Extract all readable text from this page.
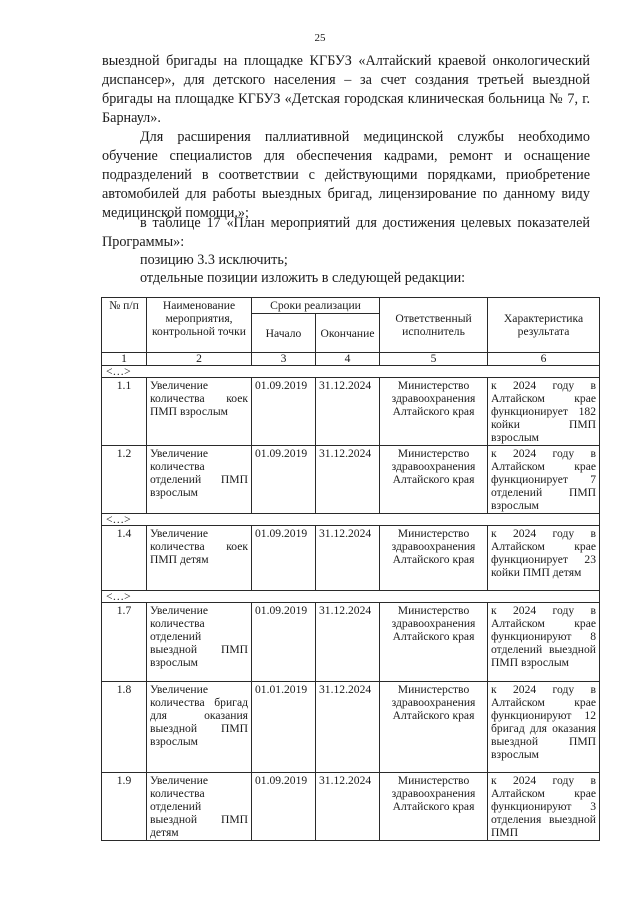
25
выездной бригады на площадке КГБУЗ «Алтайский краевой онкологический диспансер», для детского населения – за счет создания третьей выездной бригады на площадке КГБУЗ «Детская городская клиническая больница № 7, г. Барнаул».
Для расширения паллиативной медицинской службы необходимо обучение специалистов для обеспечения кадрами, ремонт и оснащение подразделений в соответствии с действующими порядками, приобретение автомобилей для работы выездных бригад, лицензирование по данному виду медицинской помощи.»;
в таблице 17 «План мероприятий для достижения целевых показателей Программы»:
позицию 3.3 исключить;
отдельные позиции изложить в следующей редакции:
№ п/п	Наименование мероприятия, контрольной точки	Сроки реализации		Ответственный исполнитель	Характеристика результата
		Начало	Окончание		
1	2	3	4	5	6
<…>					
1.1	Увеличение количества коек ПМП взрослым	01.09.2019	31.12.2024	Министерство здравоохранения Алтайского края	к 2024 году в Алтайском крае функционирует 182 койки ПМП взрослым
1.2	Увеличение количества отделений ПМП взрослым	01.09.2019	31.12.2024	Министерство здравоохранения Алтайского края	к 2024 году в Алтайском крае функционирует 7 отделений ПМП взрослым
<…>					
1.4	Увеличение количества коек ПМП детям	01.09.2019	31.12.2024	Министерство здравоохранения Алтайского края	к 2024 году в Алтайском крае функционирует 23 койки ПМП детям
<…>					
1.7	Увеличение количества отделений выездной ПМП взрослым	01.09.2019	31.12.2024	Министерство здравоохранения Алтайского края	к 2024 году в Алтайском крае функционируют 8 отделений выездной ПМП взрослым
1.8	Увеличение количества бригад для оказания выездной ПМП взрослым	01.01.2019	31.12.2024	Министерство здравоохранения Алтайского края	к 2024 году в Алтайском крае функционируют 12 бригад для оказания выездной ПМП взрослым
1.9	Увеличение количества отделений выездной ПМП детям	01.09.2019	31.12.2024	Министерство здравоохранения Алтайского края	к 2024 году в Алтайском крае функционируют 3 отделения выездной ПМП
